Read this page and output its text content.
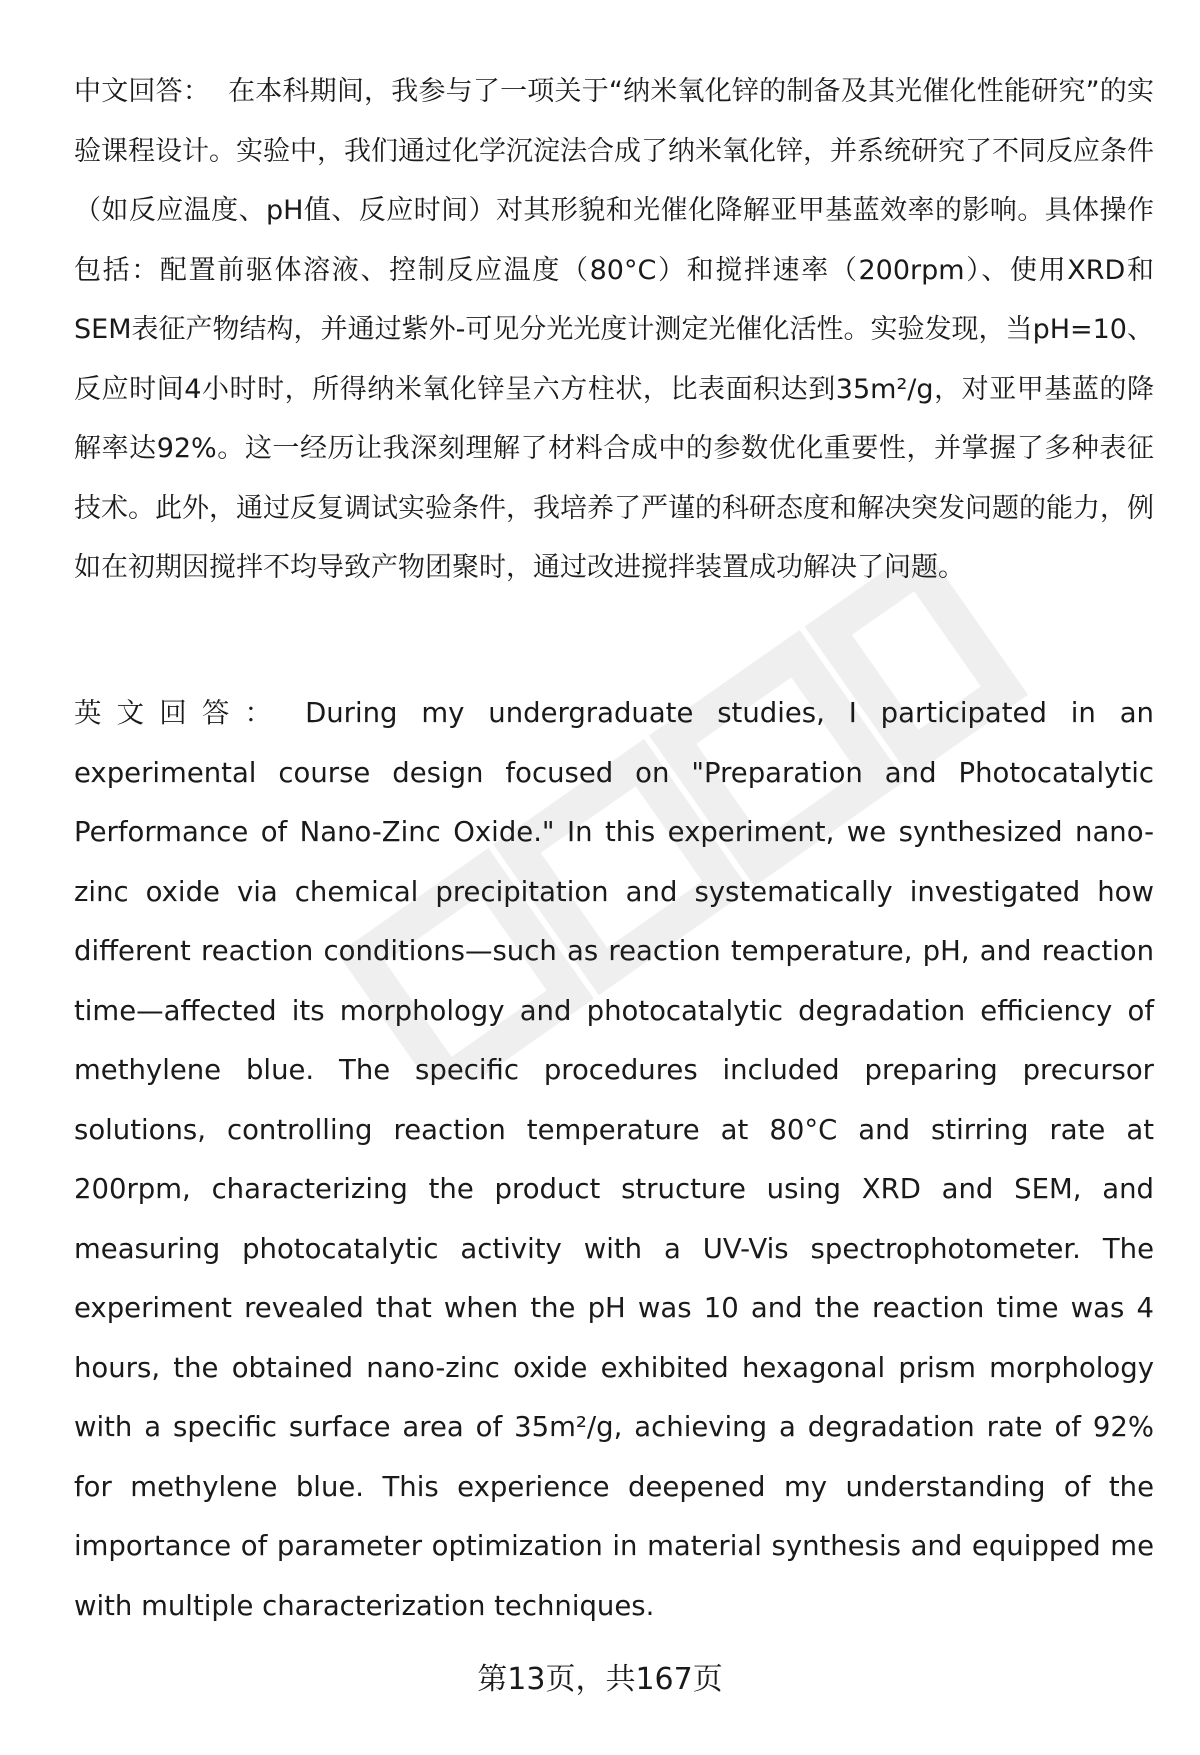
中文回答： 在本科期间，我参与了一项关于“纳米氧化锌的制备及其光催化性能研究”的实验课程设计。实验中，我们通过化学沉淀法合成了纳米氧化锌，并系统研究了不同反应条件（如反应温度、pH值、反应时间）对其形貌和光催化降解亚甲基蓝效率的影响。具体操作包括：配置前驱体溶液、控制反应温度（80°C）和搅拌速率（200rpm）、使用XRD和SEM表征产物结构，并通过紫外-可见分光光度计测定光催化活性。实验发现，当pH=10、反应时间4小时时，所得纳米氧化锌呈六方柱状，比表面积达到35m²/g，对亚甲基蓝的降解率达92%。这一经历让我深刻理解了材料合成中的参数优化重要性，并掌握了多种表征技术。此外，通过反复调试实验条件，我培养了严谨的科研态度和解决突发问题的能力，例如在初期因搅拌不均导致产物团聚时，通过改进搅拌装置成功解决了问题。

英文回答： During my undergraduate studies, I participated in an experimental course design focused on "Preparation and Photocatalytic Performance of Nano-Zinc Oxide." In this experiment, we synthesized nano-zinc oxide via chemical precipitation and systematically investigated how different reaction conditions—such as reaction temperature, pH, and reaction time—affected its morphology and photocatalytic degradation efficiency of methylene blue. The specific procedures included preparing precursor solutions, controlling reaction temperature at 80°C and stirring rate at 200rpm, characterizing the product structure using XRD and SEM, and measuring photocatalytic activity with a UV-Vis spectrophotometer. The experiment revealed that when the pH was 10 and the reaction time was 4 hours, the obtained nano-zinc oxide exhibited hexagonal prism morphology with a specific surface area of 35m²/g, achieving a degradation rate of 92% for methylene blue. This experience deepened my understanding of the importance of parameter optimization in material synthesis and equipped me with multiple characterization techniques.

第13页，共167页
